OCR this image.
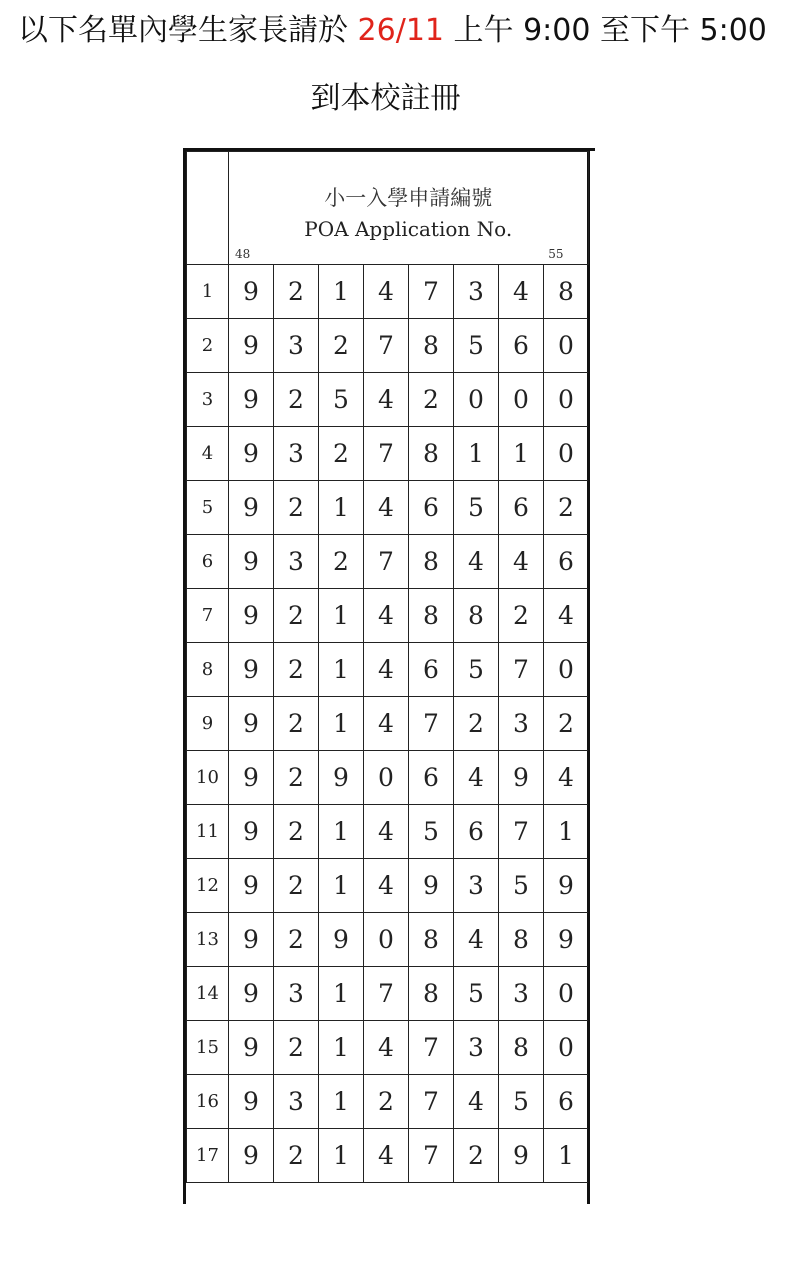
以下名單內學生家長請於 26/11 上午 9:00 至下午 5:00
到本校註冊

	小一入學申請編號
POA Application No.
48 55							

1	9	2	1	4	7	3	4	8
2	9	3	2	7	8	5	6	0
3	9	2	5	4	2	0	0	0
4	9	3	2	7	8	1	1	0
5	9	2	1	4	6	5	6	2
6	9	3	2	7	8	4	4	6
7	9	2	1	4	8	8	2	4
8	9	2	1	4	6	5	7	0
9	9	2	1	4	7	2	3	2
10	9	2	9	0	6	4	9	4
11	9	2	1	4	5	6	7	1
12	9	2	1	4	9	3	5	9
13	9	2	9	0	8	4	8	9
14	9	3	1	7	8	5	3	0
15	9	2	1	4	7	3	8	0
16	9	3	1	2	7	4	5	6
17	9	2	1	4	7	2	9	1
